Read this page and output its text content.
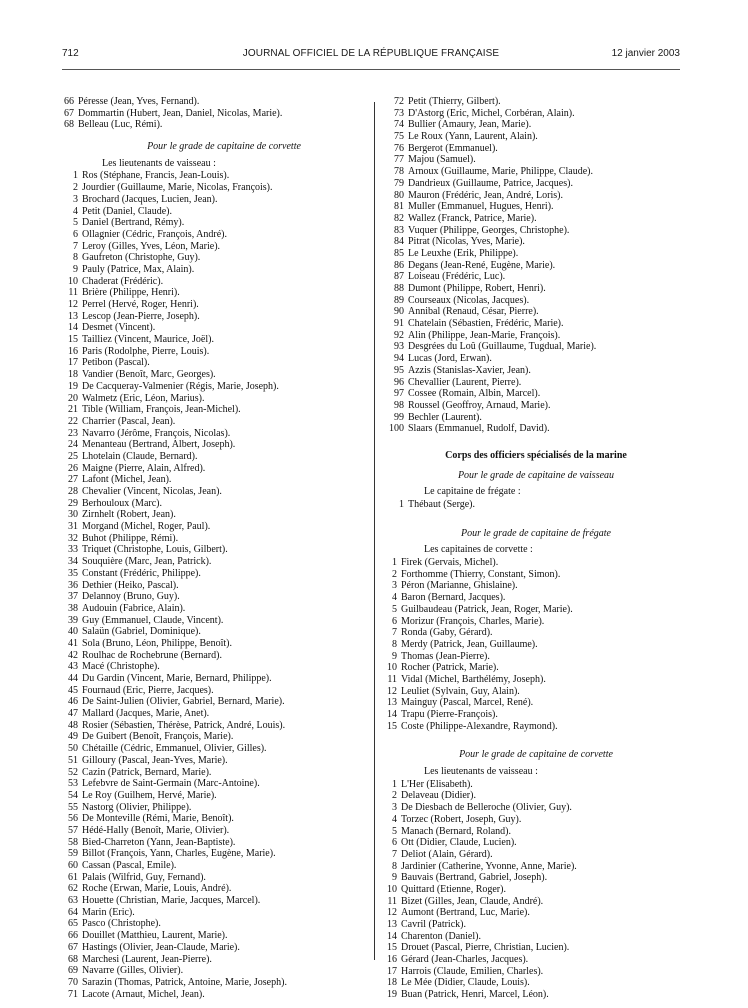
712	JOURNAL OFFICIEL DE LA RÉPUBLIQUE FRANÇAISE	12 janvier 2003
66 Péresse (Jean, Yves, Fernand).
67 Dommartin (Hubert, Jean, Daniel, Nicolas, Marie).
68 Belleau (Luc, Rémi).
Pour le grade de capitaine de corvette
Les lieutenants de vaisseau :
1 Ros (Stéphane, Francis, Jean-Louis).
2 Jourdier (Guillaume, Marie, Nicolas, François).
3 Brochard (Jacques, Lucien, Jean).
4 Petit (Daniel, Claude).
5 Daniel (Bertrand, Rémy).
6 Ollagnier (Cédric, François, André).
7 Leroy (Gilles, Yves, Léon, Marie).
8 Gaufreton (Christophe, Guy).
9 Pauly (Patrice, Max, Alain).
10 Chaderat (Frédéric).
11 Brière (Philippe, Henri).
12 Perrel (Hervé, Roger, Henri).
13 Lescop (Jean-Pierre, Joseph).
14 Desmet (Vincent).
15 Tailliez (Vincent, Maurice, Joël).
16 Paris (Rodolphe, Pierre, Louis).
17 Petibon (Pascal).
18 Vandier (Benoît, Marc, Georges).
19 De Cacqueray-Valmenier (Régis, Marie, Joseph).
20 Walmetz (Eric, Léon, Marius).
21 Tible (William, François, Jean-Michel).
22 Charrier (Pascal, Jean).
23 Navarro (Jérôme, François, Nicolas).
24 Menanteau (Bertrand, Albert, Joseph).
25 Lhotelain (Claude, Bernard).
26 Maigne (Pierre, Alain, Alfred).
27 Lafont (Michel, Jean).
28 Chevalier (Vincent, Nicolas, Jean).
29 Berhouloux (Marc).
30 Zirnhelt (Robert, Jean).
31 Morgand (Michel, Roger, Paul).
32 Buhot (Philippe, Rémi).
33 Triquet (Christophe, Louis, Gilbert).
34 Souquière (Marc, Jean, Patrick).
35 Constant (Frédéric, Philippe).
36 Dethier (Heiko, Pascal).
37 Delannoy (Bruno, Guy).
38 Audouin (Fabrice, Alain).
39 Guy (Emmanuel, Claude, Vincent).
40 Salaün (Gabriel, Dominique).
41 Sola (Bruno, Léon, Philippe, Benoît).
42 Roulhac de Rochebrune (Bernard).
43 Macé (Christophe).
44 Du Gardin (Vincent, Marie, Bernard, Philippe).
45 Fournaud (Eric, Pierre, Jacques).
46 De Saint-Julien (Olivier, Gabriel, Bernard, Marie).
47 Mallard (Jacques, Marie, Anet).
48 Rosier (Sébastien, Thérèse, Patrick, André, Louis).
49 De Guibert (Benoît, François, Marie).
50 Chétaille (Cédric, Emmanuel, Olivier, Gilles).
51 Gilloury (Pascal, Jean-Yves, Marie).
52 Cazin (Patrick, Bernard, Marie).
53 Lefebvre de Saint-Germain (Marc-Antoine).
54 Le Roy (Guilhem, Hervé, Marie).
55 Nastorg (Olivier, Philippe).
56 De Monteville (Rémi, Marie, Benoît).
57 Hédé-Hally (Benoît, Marie, Olivier).
58 Bied-Charreton (Yann, Jean-Baptiste).
59 Billot (François, Yann, Charles, Eugène, Marie).
60 Cassan (Pascal, Emile).
61 Palais (Wilfrid, Guy, Fernand).
62 Roche (Erwan, Marie, Louis, André).
63 Houette (Christian, Marie, Jacques, Marcel).
64 Marin (Eric).
65 Pasco (Christophe).
66 Douillet (Matthieu, Laurent, Marie).
67 Hastings (Olivier, Jean-Claude, Marie).
68 Marchesi (Laurent, Jean-Pierre).
69 Navarre (Gilles, Olivier).
70 Sarazin (Thomas, Patrick, Antoine, Marie, Joseph).
71 Lacote (Arnaut, Michel, Jean).
72 Petit (Thierry, Gilbert).
73 D'Astorg (Eric, Michel, Corbéran, Alain).
74 Bullier (Amaury, Jean, Marie).
75 Le Roux (Yann, Laurent, Alain).
76 Bergerot (Emmanuel).
77 Majou (Samuel).
78 Arnoux (Guillaume, Marie, Philippe, Claude).
79 Dandrieux (Guillaume, Patrice, Jacques).
80 Mauron (Frédéric, Jean, André, Loris).
81 Muller (Emmanuel, Hugues, Henri).
82 Wallez (Franck, Patrice, Marie).
83 Vuquer (Philippe, Georges, Christophe).
84 Pitrat (Nicolas, Yves, Marie).
85 Le Leuxhe (Erik, Philippe).
86 Degans (Jean-René, Eugène, Marie).
87 Loiseau (Frédéric, Luc).
88 Dumont (Philippe, Robert, Henri).
89 Courseaux (Nicolas, Jacques).
90 Annibal (Renaud, César, Pierre).
91 Chatelain (Sébastien, Frédéric, Marie).
92 Alin (Philippe, Jean-Marie, François).
93 Desgrées du Loû (Guillaume, Tugdual, Marie).
94 Lucas (Jord, Erwan).
95 Azzis (Stanislas-Xavier, Jean).
96 Chevallier (Laurent, Pierre).
97 Cossee (Romain, Albin, Marcel).
98 Roussel (Geoffroy, Arnaud, Marie).
99 Bechler (Laurent).
100 Slaars (Emmanuel, Rudolf, David).
Corps des officiers spécialisés de la marine
Pour le grade de capitaine de vaisseau
Le capitaine de frégate :
1 Thébaut (Serge).
Pour le grade de capitaine de frégate
Les capitaines de corvette :
1 Firek (Gervais, Michel).
2 Forthomme (Thierry, Constant, Simon).
3 Péron (Marianne, Ghislaine).
4 Baron (Bernard, Jacques).
5 Guilbaudeau (Patrick, Jean, Roger, Marie).
6 Morizur (François, Charles, Marie).
7 Ronda (Gaby, Gérard).
8 Merdy (Patrick, Jean, Guillaume).
9 Thomas (Jean-Pierre).
10 Rocher (Patrick, Marie).
11 Vidal (Michel, Barthélémy, Joseph).
12 Leuliet (Sylvain, Guy, Alain).
13 Mainguy (Pascal, Marcel, René).
14 Trapu (Pierre-François).
15 Coste (Philippe-Alexandre, Raymond).
Pour le grade de capitaine de corvette
Les lieutenants de vaisseau :
1 L'Her (Elisabeth).
2 Delaveau (Didier).
3 De Diesbach de Belleroche (Olivier, Guy).
4 Torzec (Robert, Joseph, Guy).
5 Manach (Bernard, Roland).
6 Ott (Didier, Claude, Lucien).
7 Deliot (Alain, Gérard).
8 Jardinier (Catherine, Yvonne, Anne, Marie).
9 Bauvais (Bertrand, Gabriel, Joseph).
10 Quittard (Etienne, Roger).
11 Bizet (Gilles, Jean, Claude, André).
12 Aumont (Bertrand, Luc, Marie).
13 Cavril (Patrick).
14 Charenton (Daniel).
15 Drouet (Pascal, Pierre, Christian, Lucien).
16 Gérard (Jean-Charles, Jacques).
17 Harrois (Claude, Emilien, Charles).
18 Le Mée (Didier, Claude, Louis).
19 Buan (Patrick, Henri, Marcel, Léon).
